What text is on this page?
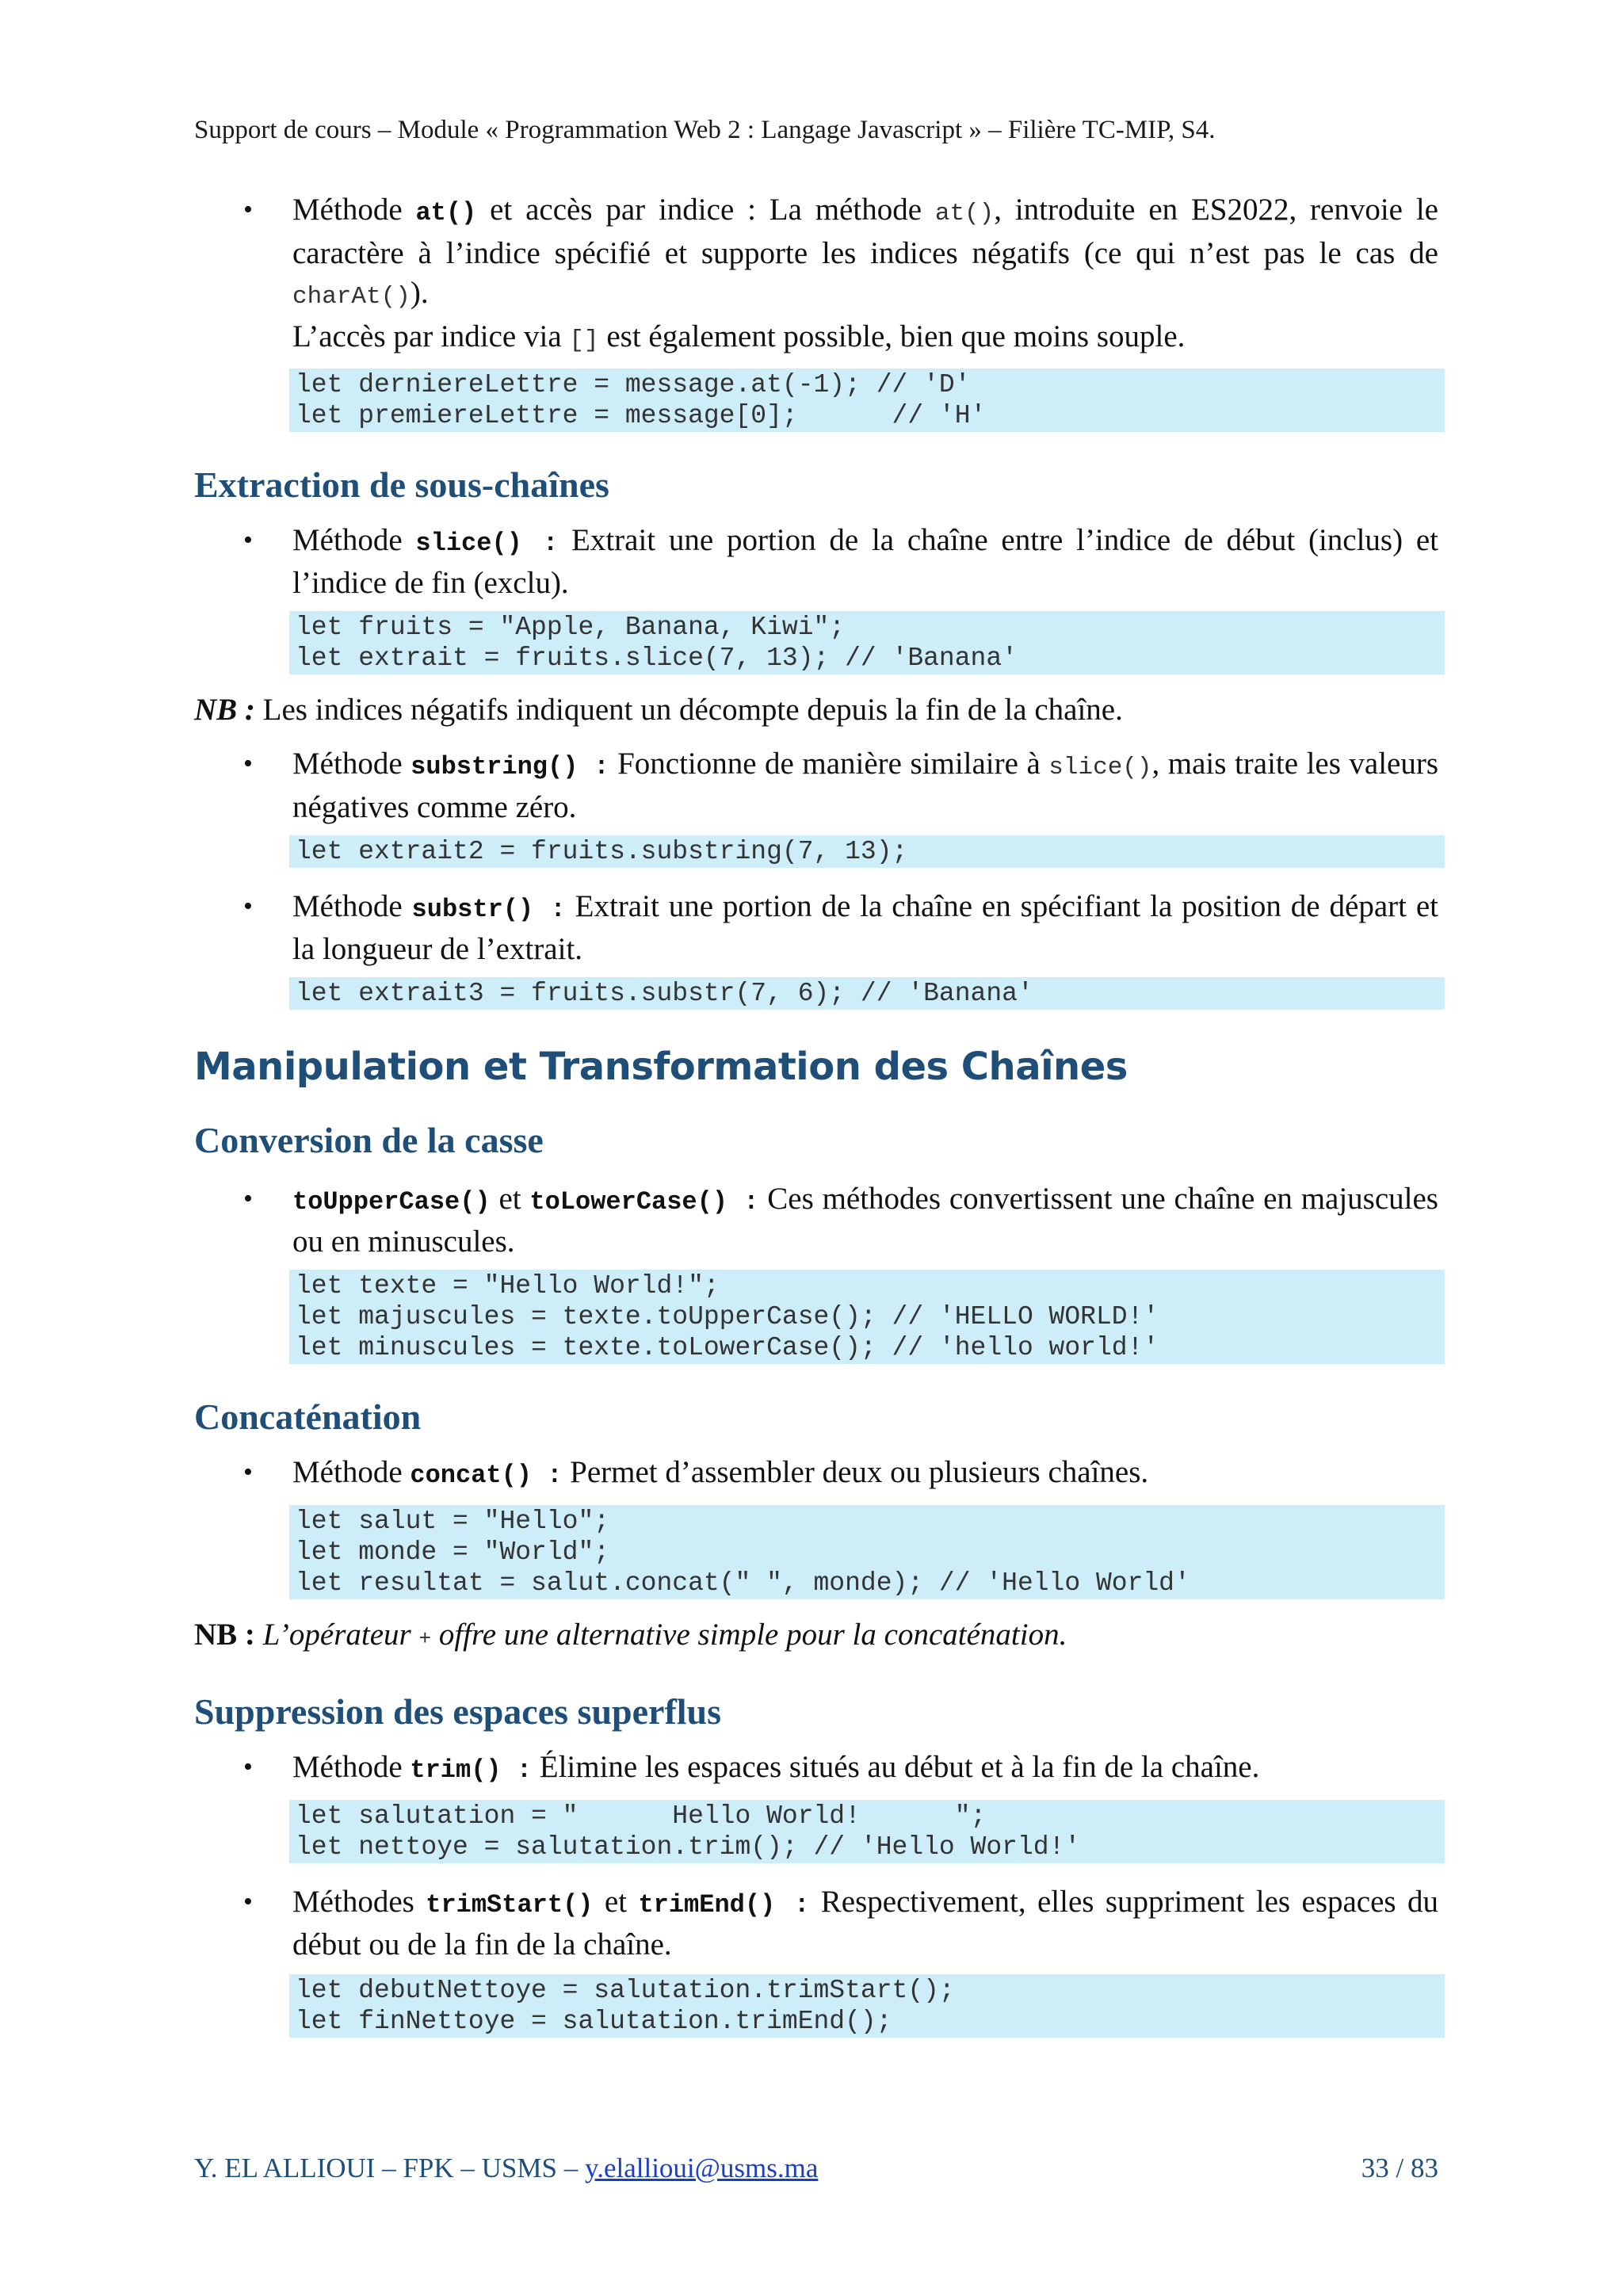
Support de cours – Module « Programmation Web 2 : Langage Javascript » – Filière TC-MIP, S4.
• Méthode at() et accès par indice : La méthode at(), introduite en ES2022, renvoie le caractère à l’indice spécifié et supporte les indices négatifs (ce qui n’est pas le cas de charAt()).

L’accès par indice via [] est également possible, bien que moins souple.

let derniereLettre = message.at(-1); // 'D'
let premiereLettre = message[0];      // 'H'
Extraction de sous-chaînes
• Méthode slice() : Extrait une portion de la chaîne entre l’indice de début (inclus) et l’indice de fin (exclu).

let fruits = "Apple, Banana, Kiwi";
let extrait = fruits.slice(7, 13); // 'Banana'
NB : Les indices négatifs indiquent un décompte depuis la fin de la chaîne.
• Méthode substring() : Fonctionne de manière similaire à slice(), mais traite les valeurs négatives comme zéro.

let extrait2 = fruits.substring(7, 13);
• Méthode substr() : Extrait une portion de la chaîne en spécifiant la position de départ et la longueur de l’extrait.

let extrait3 = fruits.substr(7, 6); // 'Banana'
Manipulation et Transformation des Chaînes
Conversion de la casse
• toUpperCase() et toLowerCase() : Ces méthodes convertissent une chaîne en majuscules ou en minuscules.

let texte = "Hello World!";
let majuscules = texte.toUpperCase(); // 'HELLO WORLD!'
let minuscules = texte.toLowerCase(); // 'hello world!'
Concaténation
• Méthode concat() : Permet d’assembler deux ou plusieurs chaînes.

let salut = "Hello";
let monde = "World";
let resultat = salut.concat(" ", monde); // 'Hello World'
NB : L’opérateur + offre une alternative simple pour la concaténation.
Suppression des espaces superflus
• Méthode trim() : Élimine les espaces situés au début et à la fin de la chaîne.

let salutation = "      Hello World!      ";
let nettoye = salutation.trim(); // 'Hello World!'
• Méthodes trimStart() et trimEnd() : Respectivement, elles suppriment les espaces du début ou de la fin de la chaîne.

let debutNettoye = salutation.trimStart();
let finNettoye = salutation.trimEnd();
Y. EL ALLIOUI – FPK – USMS – y.elallioui@usms.ma	33 / 83
